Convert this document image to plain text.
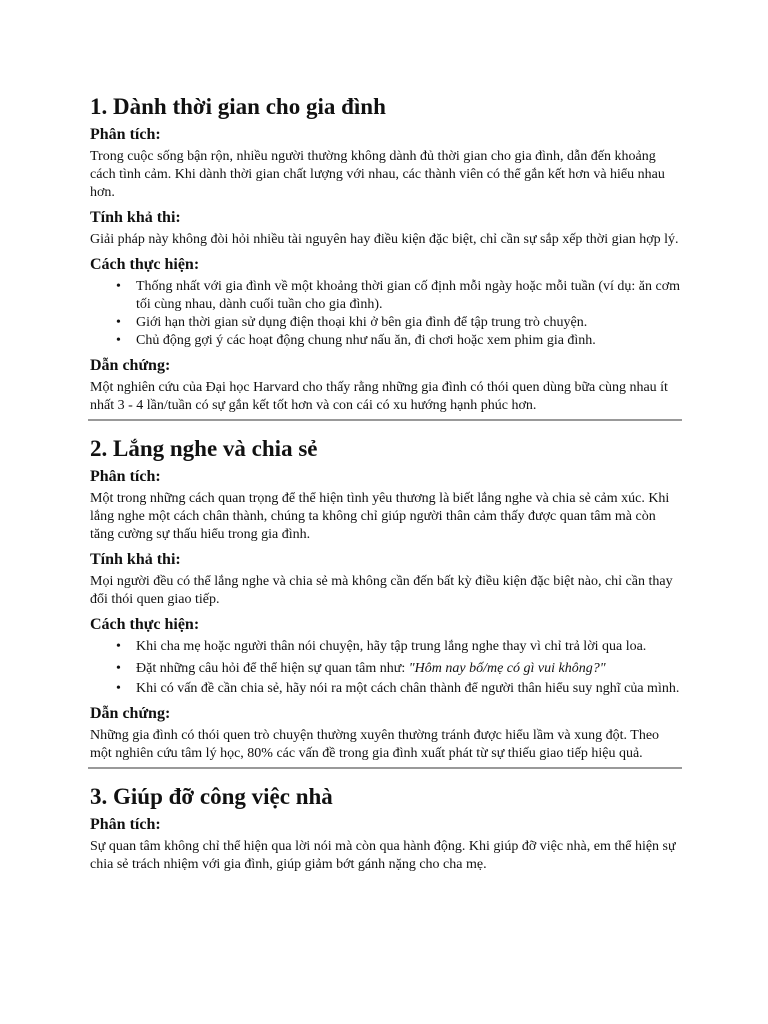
1. Dành thời gian cho gia đình
Phân tích:

Trong cuộc sống bận rộn, nhiều người thường không dành đủ thời gian cho gia đình, dẫn đến khoảng cách tình cảm. Khi dành thời gian chất lượng với nhau, các thành viên có thể gắn kết hơn và hiểu nhau hơn.

Tính khả thi:

Giải pháp này không đòi hỏi nhiều tài nguyên hay điều kiện đặc biệt, chỉ cần sự sắp xếp thời gian hợp lý.

Cách thực hiện:
• Thống nhất với gia đình về một khoảng thời gian cố định mỗi ngày hoặc mỗi tuần (ví dụ: ăn cơm tối cùng nhau, dành cuối tuần cho gia đình).
• Giới hạn thời gian sử dụng điện thoại khi ở bên gia đình để tập trung trò chuyện.
• Chủ động gợi ý các hoạt động chung như nấu ăn, đi chơi hoặc xem phim gia đình.
Dẫn chứng:

Một nghiên cứu của Đại học Harvard cho thấy rằng những gia đình có thói quen dùng bữa cùng nhau ít nhất 3 - 4 lần/tuần có sự gắn kết tốt hơn và con cái có xu hướng hạnh phúc hơn.

2. Lắng nghe và chia sẻ
Phân tích:

Một trong những cách quan trọng để thể hiện tình yêu thương là biết lắng nghe và chia sẻ cảm xúc. Khi lắng nghe một cách chân thành, chúng ta không chỉ giúp người thân cảm thấy được quan tâm mà còn tăng cường sự thấu hiểu trong gia đình.

Tính khả thi:

Mọi người đều có thể lắng nghe và chia sẻ mà không cần đến bất kỳ điều kiện đặc biệt nào, chỉ cần thay đổi thói quen giao tiếp.

Cách thực hiện:
• Khi cha mẹ hoặc người thân nói chuyện, hãy tập trung lắng nghe thay vì chỉ trả lời qua loa.
• Đặt những câu hỏi để thể hiện sự quan tâm như: "Hôm nay bố/mẹ có gì vui không?"
• Khi có vấn đề cần chia sẻ, hãy nói ra một cách chân thành để người thân hiểu suy nghĩ của mình.
Dẫn chứng:

Những gia đình có thói quen trò chuyện thường xuyên thường tránh được hiểu lầm và xung đột. Theo một nghiên cứu tâm lý học, 80% các vấn đề trong gia đình xuất phát từ sự thiếu giao tiếp hiệu quả.

3. Giúp đỡ công việc nhà
Phân tích:

Sự quan tâm không chỉ thể hiện qua lời nói mà còn qua hành động. Khi giúp đỡ việc nhà, em thể hiện sự chia sẻ trách nhiệm với gia đình, giúp giảm bớt gánh nặng cho cha mẹ.
